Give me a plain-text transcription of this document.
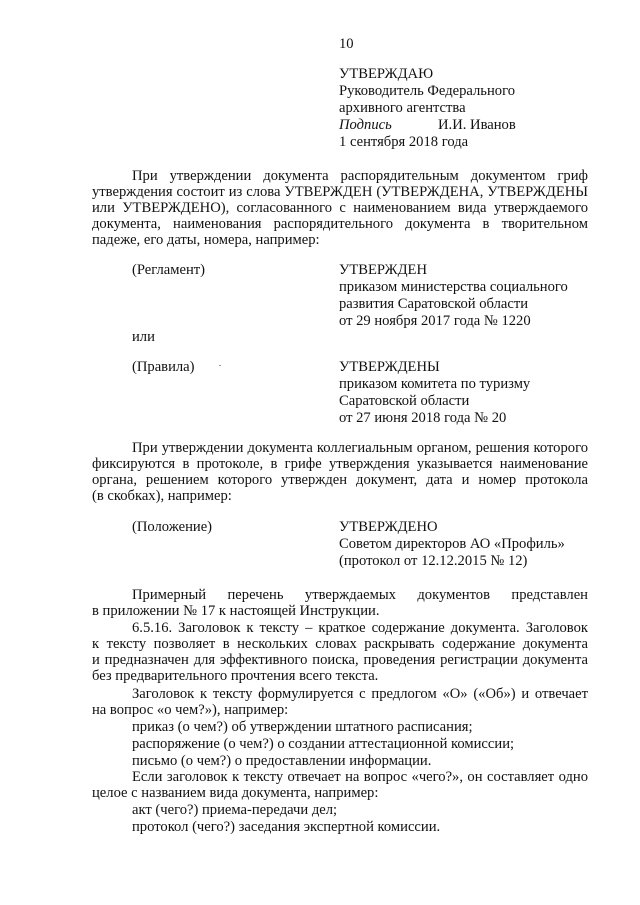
10
УТВЕРЖДАЮ
Руководитель Федерального
архивного агентства
Подпись	И.И. Иванов
1 сентября 2018 года
При утверждении документа распорядительным документом гриф
утверждения состоит из слова УТВЕРЖДЕН (УТВЕРЖДЕНА, УТВЕРЖДЕНЫ
или УТВЕРЖДЕНО), согласованного с наименованием вида утверждаемого
документа, наименования распорядительного документа в творительном
падеже, его даты, номера, например:
(Регламент)	УТВЕРЖДЕН
приказом министерства социального
развития Саратовской области
от 29 ноября 2017 года № 1220
или
(Правила)	УТВЕРЖДЕНЫ
приказом комитета по туризму
Саратовской области
от 27 июня 2018 года № 20
При утверждении документа коллегиальным органом, решения которого
фиксируются в протоколе, в грифе утверждения указывается наименование
органа, решением которого утвержден документ, дата и номер протокола
(в скобках), например:
(Положение)	УТВЕРЖДЕНО
Советом директоров АО «Профиль»
(протокол от 12.12.2015 № 12)
Примерный перечень утверждаемых документов представлен
в приложении № 17 к настоящей Инструкции.
6.5.16. Заголовок к тексту – краткое содержание документа. Заголовок
к тексту позволяет в нескольких словах раскрывать содержание документа
и предназначен для эффективного поиска, проведения регистрации документа
без предварительного прочтения всего текста.
Заголовок к тексту формулируется с предлогом «О» («Об») и отвечает
на вопрос «о чем?»), например:
приказ (о чем?) об утверждении штатного расписания;
распоряжение (о чем?) о создании аттестационной комиссии;
письмо (о чем?) о предоставлении информации.
Если заголовок к тексту отвечает на вопрос «чего?», он составляет одно
целое с названием вида документа, например:
акт (чего?) приема-передачи дел;
протокол (чего?) заседания экспертной комиссии.
